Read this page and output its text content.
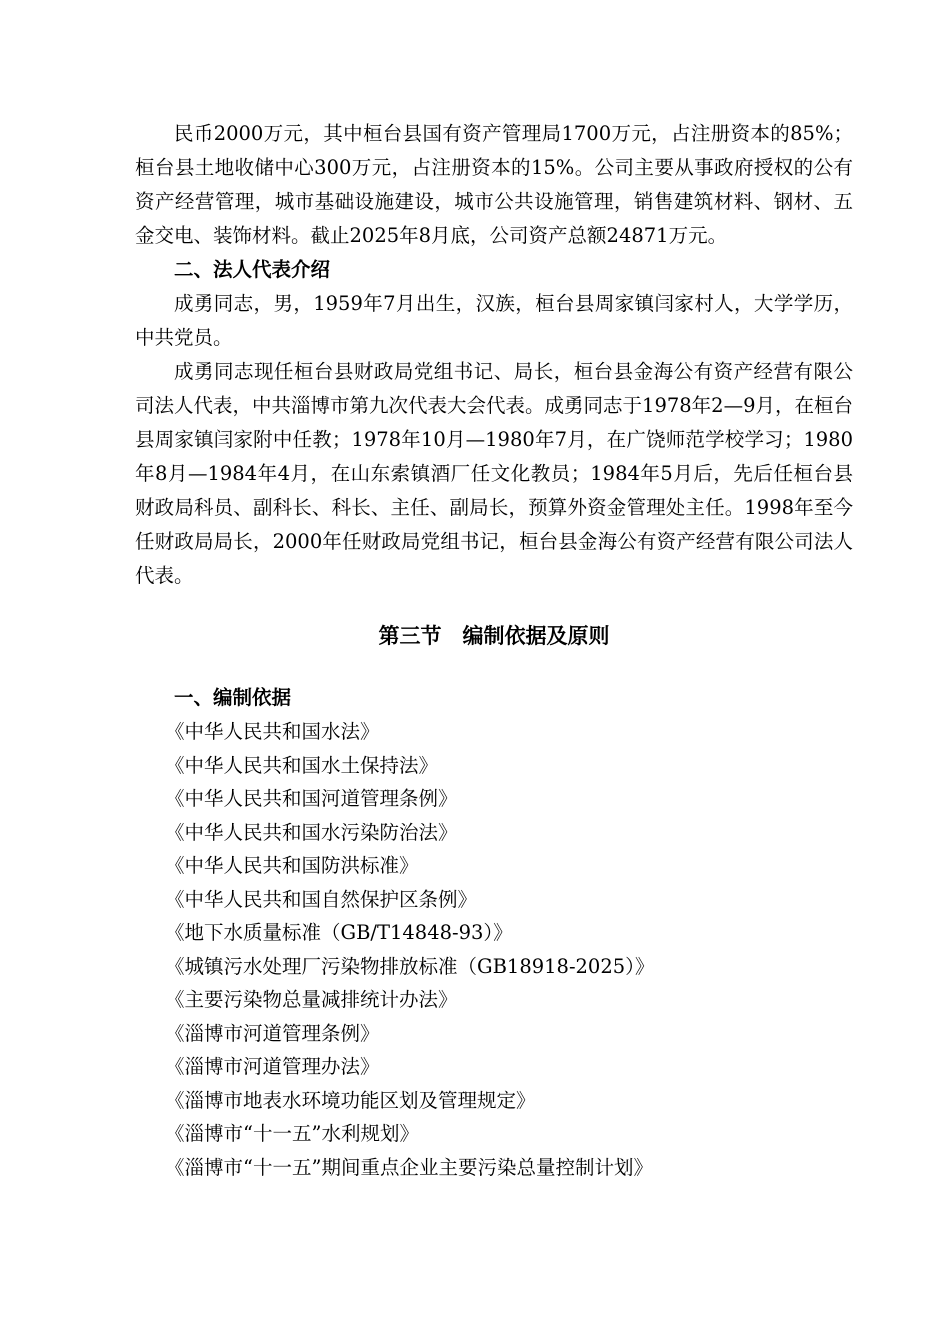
民币2000万元，其中桓台县国有资产管理局1700万元，占注册资本的85%；桓台县土地收储中心300万元，占注册资本的15%。公司主要从事政府授权的公有资产经营管理，城市基础设施建设，城市公共设施管理，销售建筑材料、钢材、五金交电、装饰材料。截止2025年8月底，公司资产总额24871万元。

二、法人代表介绍

成勇同志，男，1959年7月出生，汉族，桓台县周家镇闫家村人，大学学历，中共党员。

成勇同志现任桓台县财政局党组书记、局长，桓台县金海公有资产经营有限公司法人代表，中共淄博市第九次代表大会代表。成勇同志于1978年2—9月，在桓台县周家镇闫家附中任教；1978年10月—1980年7月，在广饶师范学校学习；1980年8月—1984年4月，在山东索镇酒厂任文化教员；1984年5月后，先后任桓台县财政局科员、副科长、科长、主任、副局长，预算外资金管理处主任。1998年至今任财政局局长，2000年任财政局党组书记，桓台县金海公有资产经营有限公司法人代表。

第三节　编制依据及原则

一、编制依据

《中华人民共和国水法》
《中华人民共和国水土保持法》
《中华人民共和国河道管理条例》
《中华人民共和国水污染防治法》
《中华人民共和国防洪标准》
《中华人民共和国自然保护区条例》
《地下水质量标准（GB/T14848-93）》
《城镇污水处理厂污染物排放标准（GB18918-2025）》
《主要污染物总量减排统计办法》
《淄博市河道管理条例》
《淄博市河道管理办法》
《淄博市地表水环境功能区划及管理规定》
《淄博市“十一五”水利规划》
《淄博市“十一五”期间重点企业主要污染总量控制计划》
